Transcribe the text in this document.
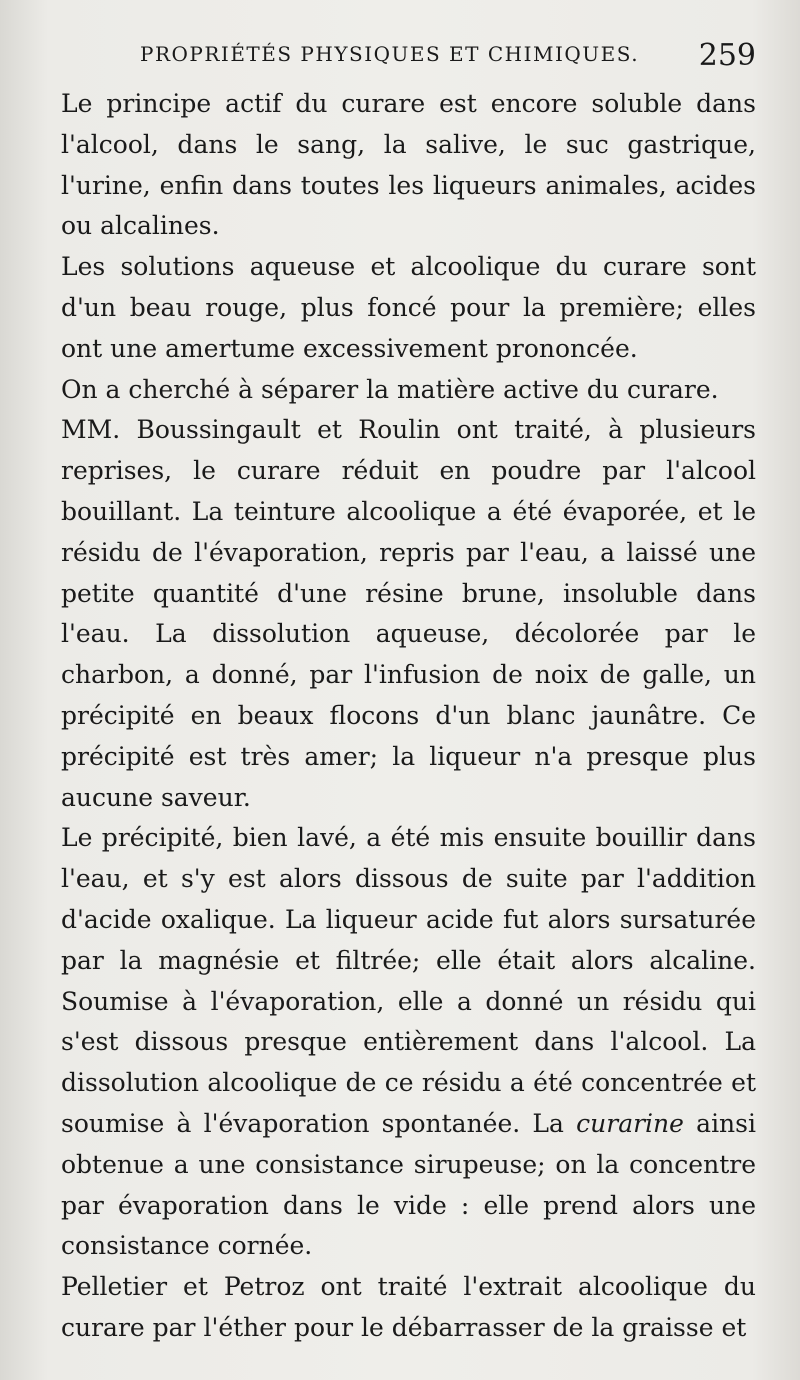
PROPRIÉTÉS PHYSIQUES ET CHIMIQUES. 259

Le principe actif du curare est encore soluble dans l'alcool, dans le sang, la salive, le suc gastrique, l'urine, enfin dans toutes les liqueurs animales, acides ou alcalines.

Les solutions aqueuse et alcoolique du curare sont d'un beau rouge, plus foncé pour la première; elles ont une amertume excessivement prononcée.

On a cherché à séparer la matière active du curare.

MM. Boussingault et Roulin ont traité, à plusieurs reprises, le curare réduit en poudre par l'alcool bouillant. La teinture alcoolique a été évaporée, et le résidu de l'évaporation, repris par l'eau, a laissé une petite quantité d'une résine brune, insoluble dans l'eau. La dissolution aqueuse, décolorée par le charbon, a donné, par l'infusion de noix de galle, un précipité en beaux flocons d'un blanc jaunâtre. Ce précipité est très amer; la liqueur n'a presque plus aucune saveur.

Le précipité, bien lavé, a été mis ensuite bouillir dans l'eau, et s'y est alors dissous de suite par l'addition d'acide oxalique. La liqueur acide fut alors sursaturée par la magnésie et filtrée; elle était alors alcaline. Soumise à l'évaporation, elle a donné un résidu qui s'est dissous presque entièrement dans l'alcool. La dissolution alcoolique de ce résidu a été concentrée et soumise à l'évaporation spontanée. La curarine ainsi obtenue a une consistance sirupeuse; on la concentre par évaporation dans le vide : elle prend alors une consistance cornée.

Pelletier et Petroz ont traité l'extrait alcoolique du curare par l'éther pour le débarrasser de la graisse et
